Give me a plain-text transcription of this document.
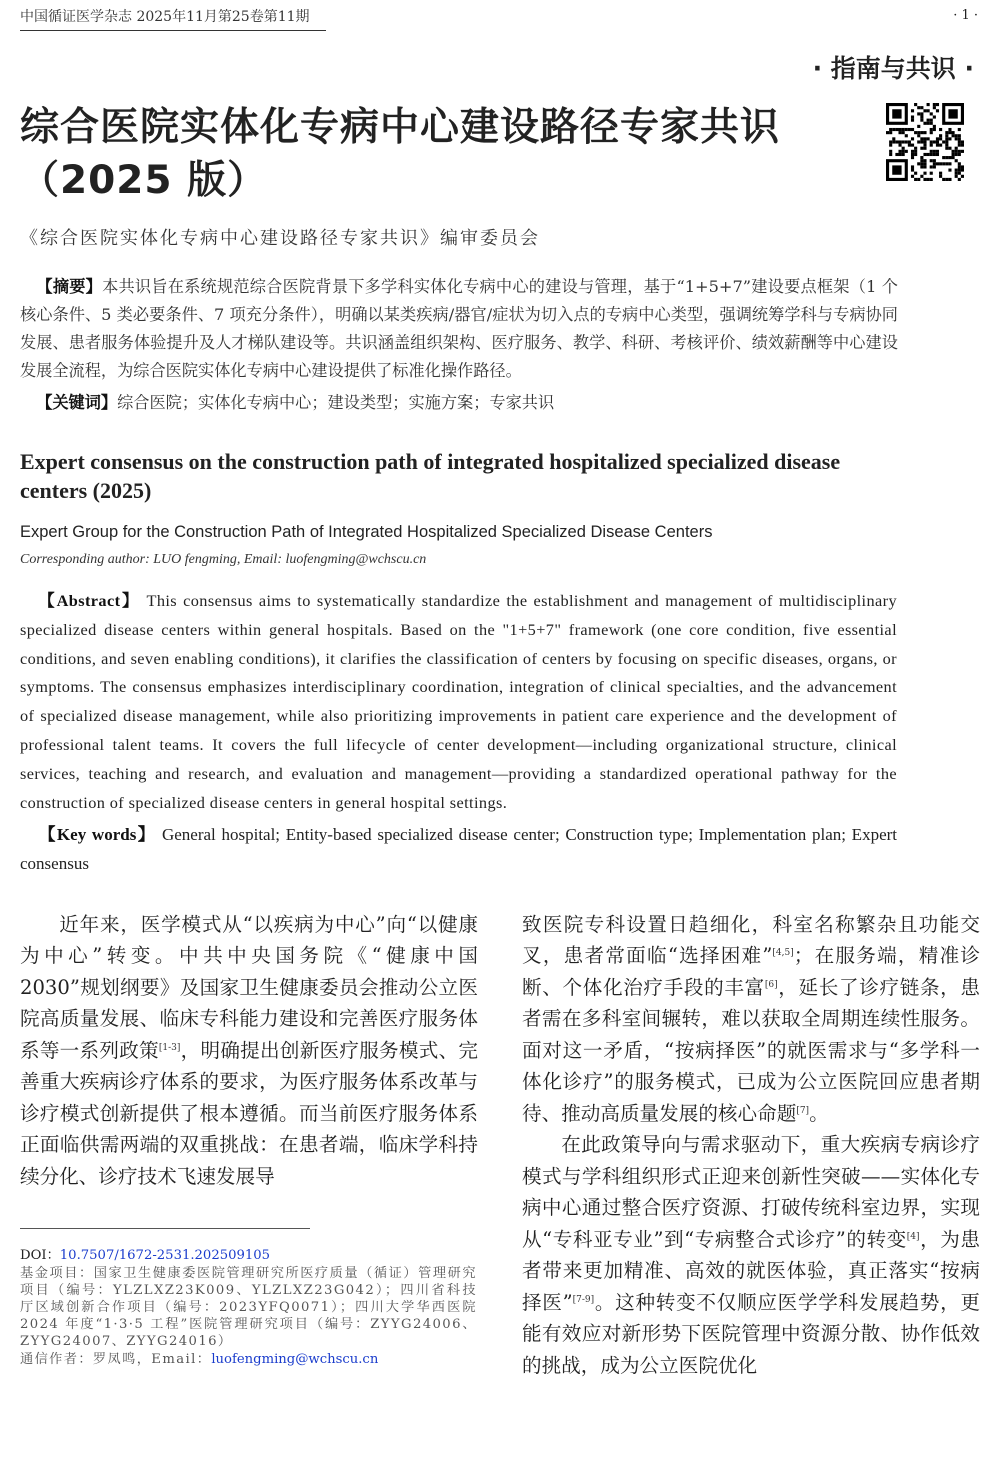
中国循证医学杂志 2025年11月第25卷第11期	· 1 ·
· 指南与共识 ·
综合医院实体化专病中心建设路径专家共识（2025 版）
《综合医院实体化专病中心建设路径专家共识》编审委员会
 【摘要】本共识旨在系统规范综合医院背景下多学科实体化专病中心的建设与管理，基于“1+5+7”建设要点框架（1 个核心条件、5 类必要条件、7 项充分条件），明确以某类疾病/器官/症状为切入点的专病中心类型，强调统筹学科与专病协同发展、患者服务体验提升及人才梯队建设等。共识涵盖组织架构、医疗服务、教学、科研、考核评价、绩效薪酬等中心建设发展全流程，为综合医院实体化专病中心建设提供了标准化操作路径。
 【关键词】综合医院；实体化专病中心；建设类型；实施方案；专家共识
Expert consensus on the construction path of integrated hospitalized specialized disease centers (2025)
Expert Group for the Construction Path of Integrated Hospitalized Specialized Disease Centers
Corresponding author: LUO fengming, Email: luofengming@wchscu.cn
 【Abstract】 This consensus aims to systematically standardize the establishment and management of multidisciplinary specialized disease centers within general hospitals. Based on the "1+5+7" framework (one core condition, five essential conditions, and seven enabling conditions), it clarifies the classification of centers by focusing on specific diseases, organs, or symptoms. The consensus emphasizes interdisciplinary coordination, integration of clinical specialties, and the advancement of specialized disease management, while also prioritizing improvements in patient care experience and the development of professional talent teams. It covers the full lifecycle of center development—including organizational structure, clinical services, teaching and research, and evaluation and management—providing a standardized operational pathway for the construction of specialized disease centers in general hospital settings.
 【Key words】 General hospital; Entity-based specialized disease center; Construction type; Implementation plan; Expert consensus

近年来，医学模式从“以疾病为中心”向“以健康为中心”转变。中共中央国务院《“健康中国 2030”规划纲要》及国家卫生健康委员会推动公立医院高质量发展、临床专科能力建设和完善医疗服务体系等一系列政策[1-3]，明确提出创新医疗服务模式、完善重大疾病诊疗体系的要求，为医疗服务体系改革与诊疗模式创新提供了根本遵循。而当前医疗服务体系正面临供需两端的双重挑战：在患者端，临床学科持续分化、诊疗技术飞速发展导

DOI：10.7507/1672-2531.202509105
基金项目：国家卫生健康委医院管理研究所医疗质量（循证）管理研究项目（编号：YLZLXZ23K009、YLZLXZ23G042）；四川省科技厅区域创新合作项目（编号：2023YFQ0071）；四川大学华西医院 2024 年度“1·3·5 工程”医院管理研究项目（编号：ZYYG24006、ZYYG24007、ZYYG24016）
通信作者：罗凤鸣，Email：luofengming@wchscu.cn

致医院专科设置日趋细化，科室名称繁杂且功能交叉，患者常面临“选择困难”[4,5]；在服务端，精准诊断、个体化治疗手段的丰富[6]，延长了诊疗链条，患者需在多科室间辗转，难以获取全周期连续性服务。面对这一矛盾，“按病择医”的就医需求与“多学科一体化诊疗”的服务模式，已成为公立医院回应患者期待、推动高质量发展的核心命题[7]。

在此政策导向与需求驱动下，重大疾病专病诊疗模式与学科组织形式正迎来创新性突破——实体化专病中心通过整合医疗资源、打破传统科室边界，实现从“专科亚专业”到“专病整合式诊疗”的转变[4]，为患者带来更加精准、高效的就医体验，真正落实“按病择医”[7-9]。这种转变不仅顺应医学学科发展趋势，更能有效应对新形势下医院管理中资源分散、协作低效的挑战，成为公立医院优化
